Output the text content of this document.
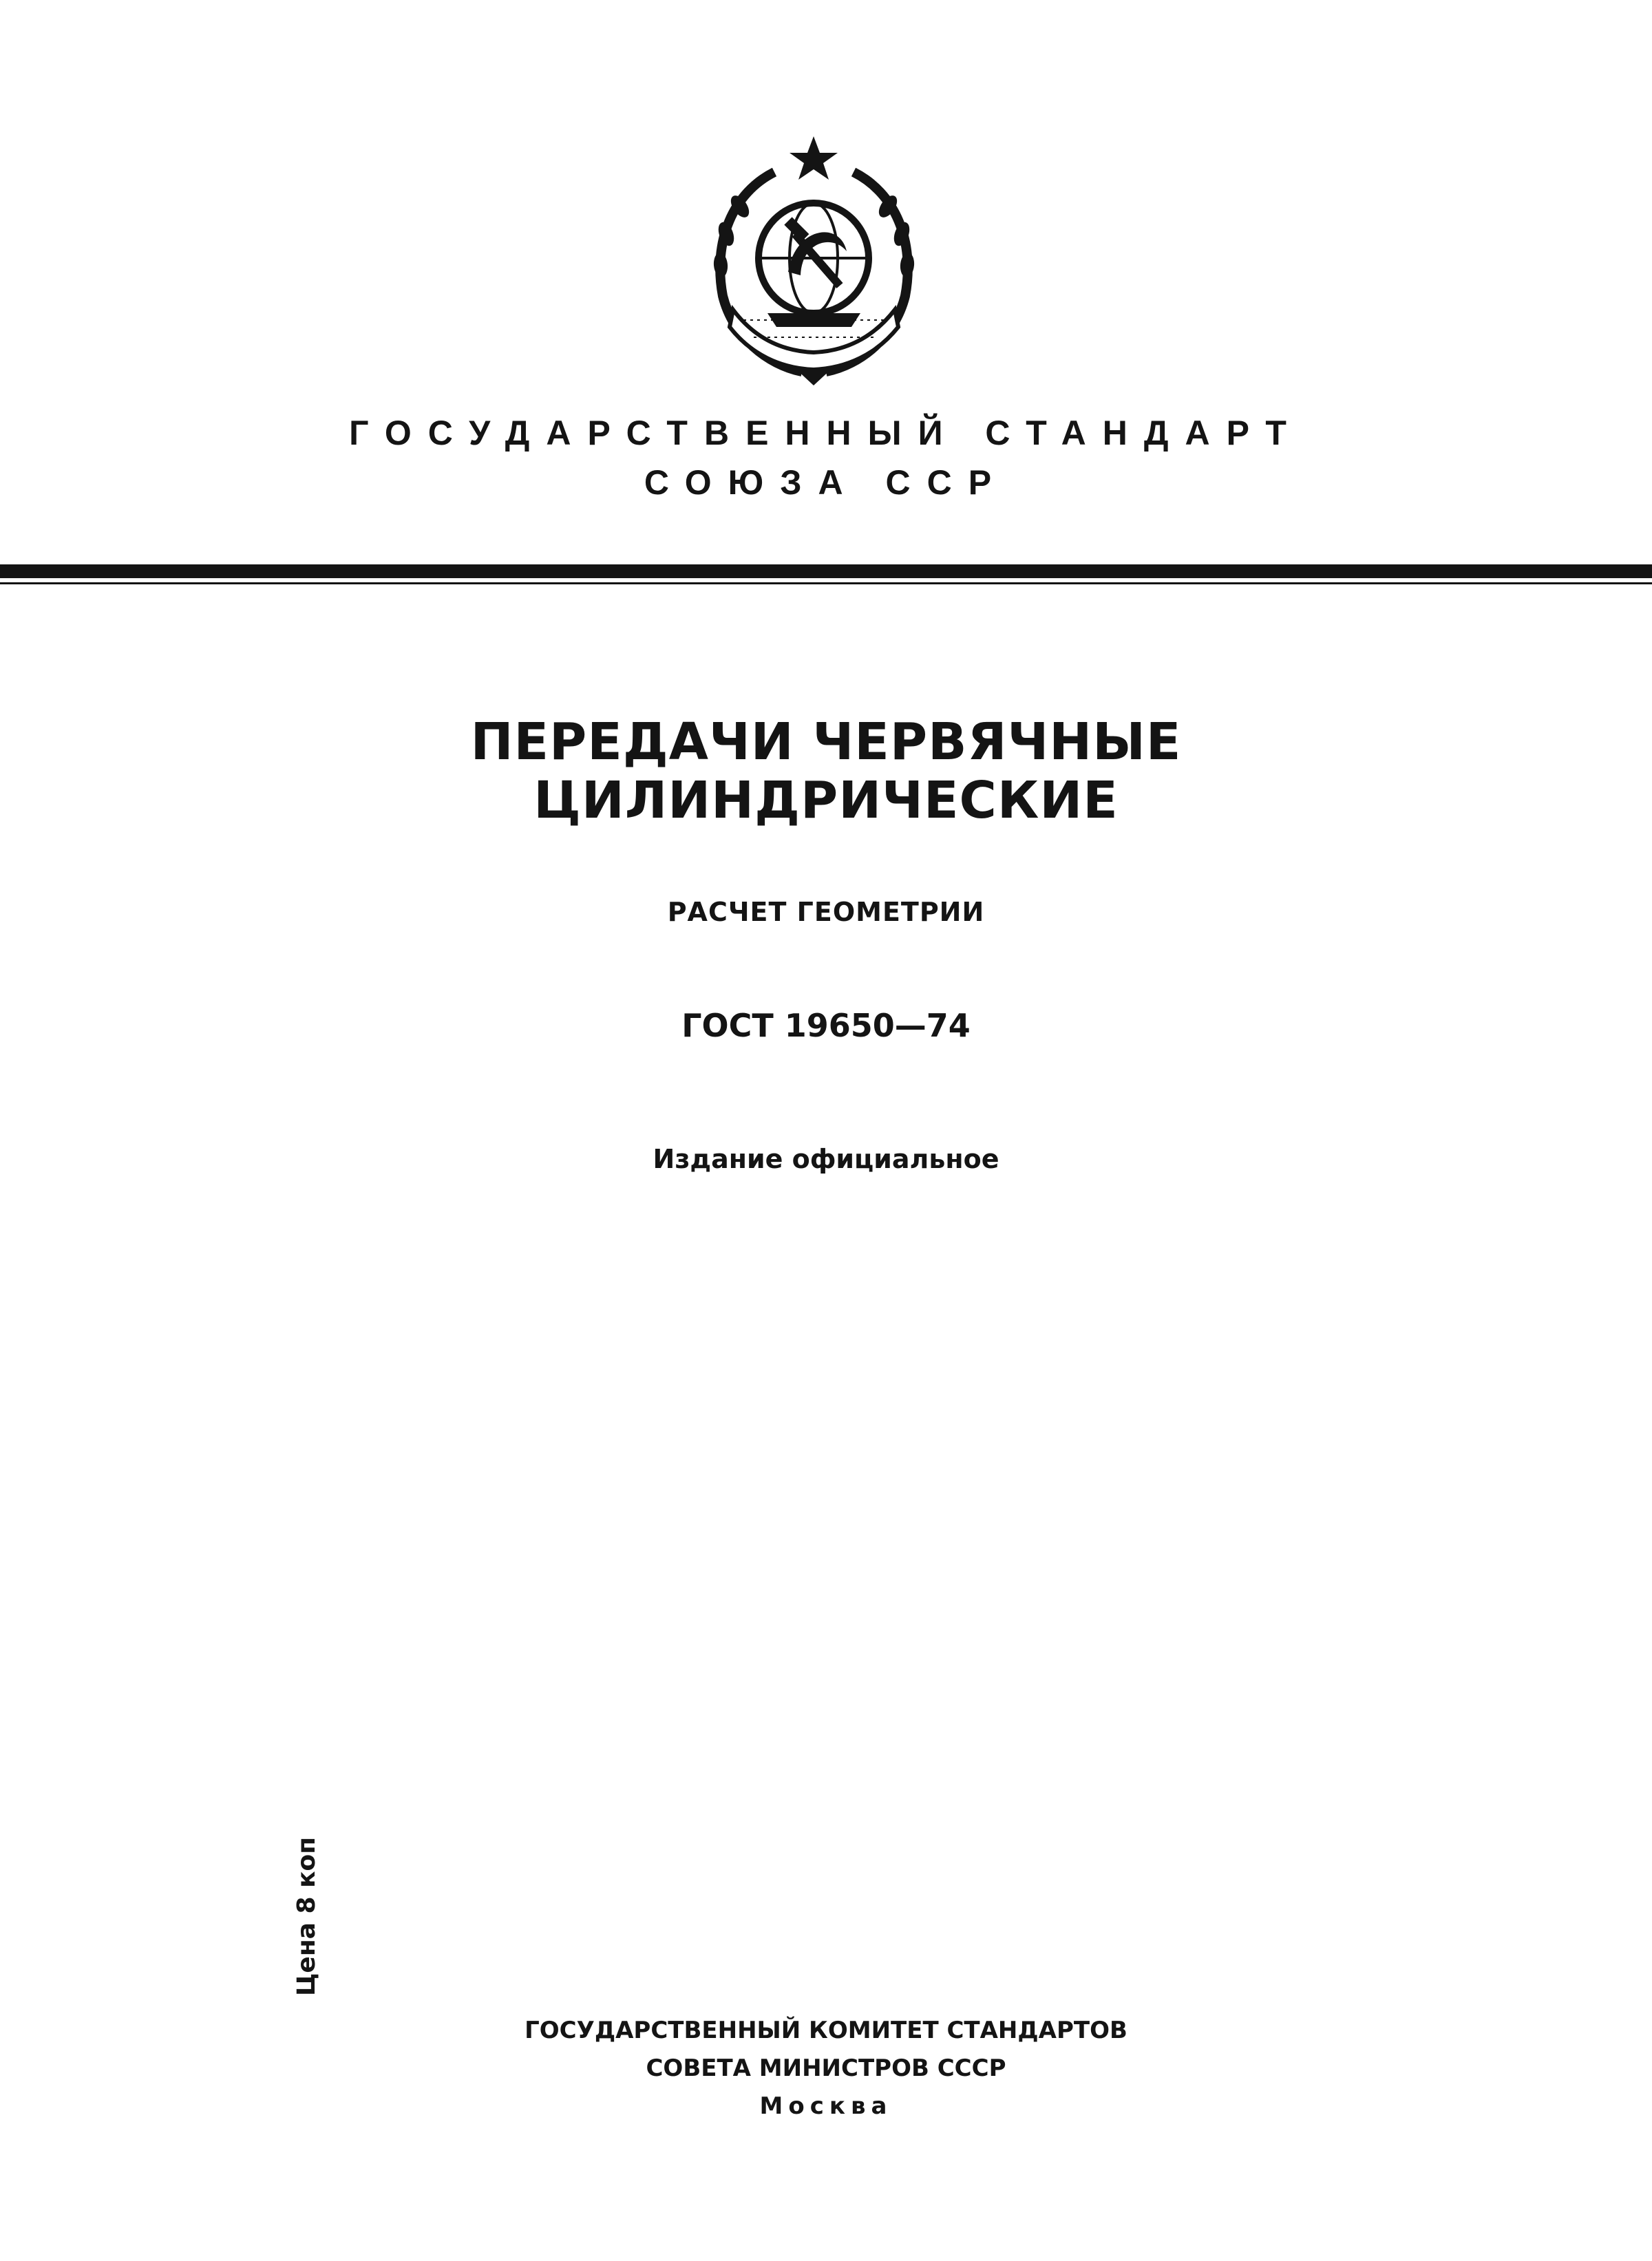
ГОСУДАРСТВЕННЫЙ СТАНДАРТ
СОЮЗА ССР
ПЕРЕДАЧИ ЧЕРВЯЧНЫЕ
ЦИЛИНДРИЧЕСКИЕ
РАСЧЕТ ГЕОМЕТРИИ
ГОСТ 19650—74
Издание официальное
Цена 8 коп
ГОСУДАРСТВЕННЫЙ КОМИТЕТ СТАНДАРТОВ
СОВЕТА МИНИСТРОВ СССР
Москва
